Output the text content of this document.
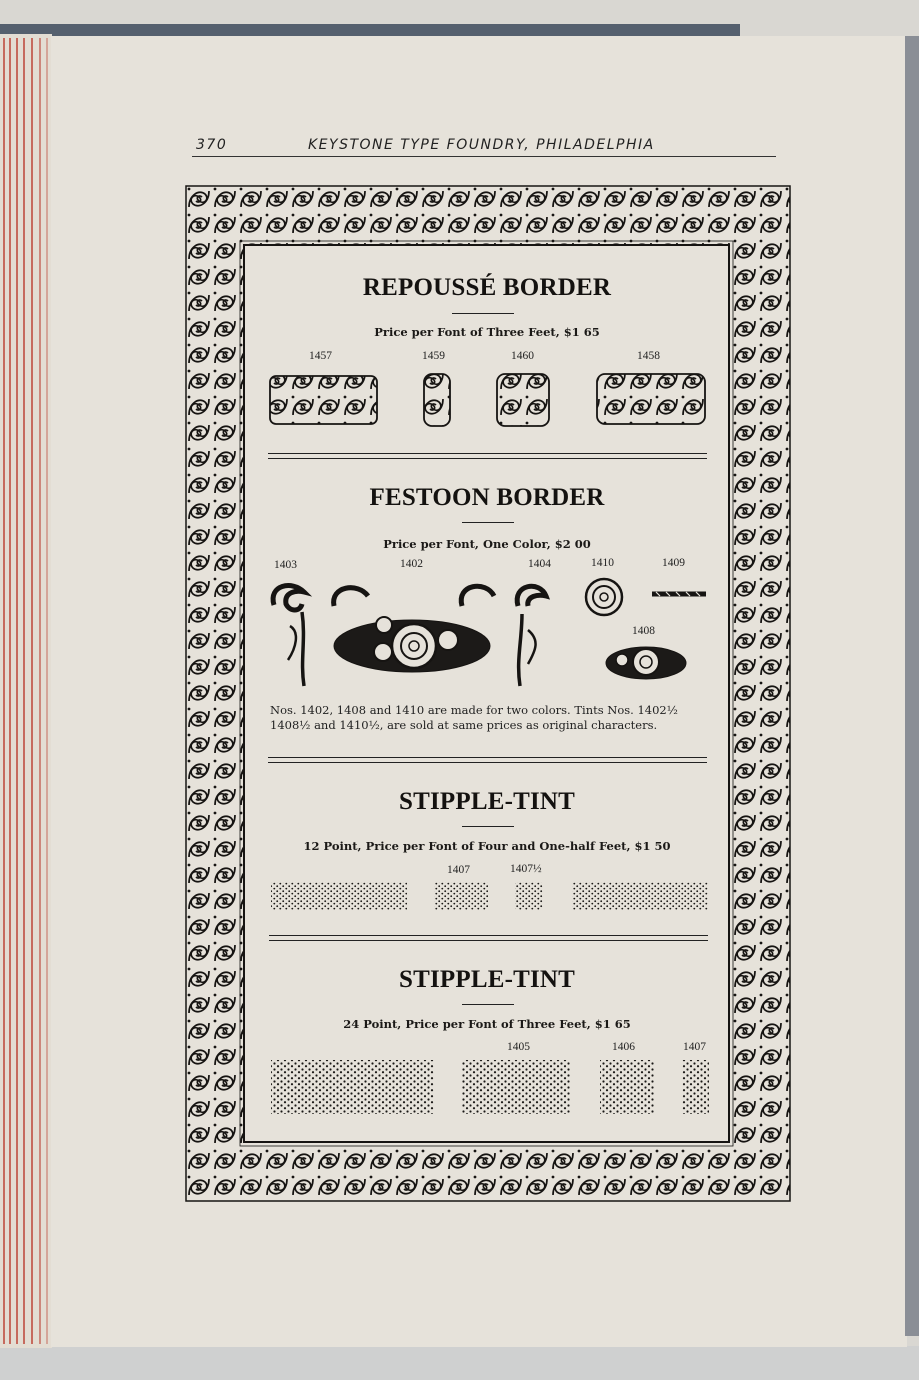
370	KEYSTONE TYPE FOUNDRY, PHILADELPHIA
REPOUSSÉ BORDER
Price per Font of Three Feet, $1 65
1457	1459	1460	1458
FESTOON BORDER
Price per Font, One Color, $2 00
1403	1402	1404	1410	1409
1408
Nos. 1402, 1408 and 1410 are made for two colors. Tints Nos. 1402½
1408½ and 1410½, are sold at same prices as original characters.
STIPPLE-TINT
12 Point, Price per Font of Four and One-half Feet, $1 50
1407	1407½
STIPPLE-TINT
24 Point, Price per Font of Three Feet, $1 65
1405	1406	1407
